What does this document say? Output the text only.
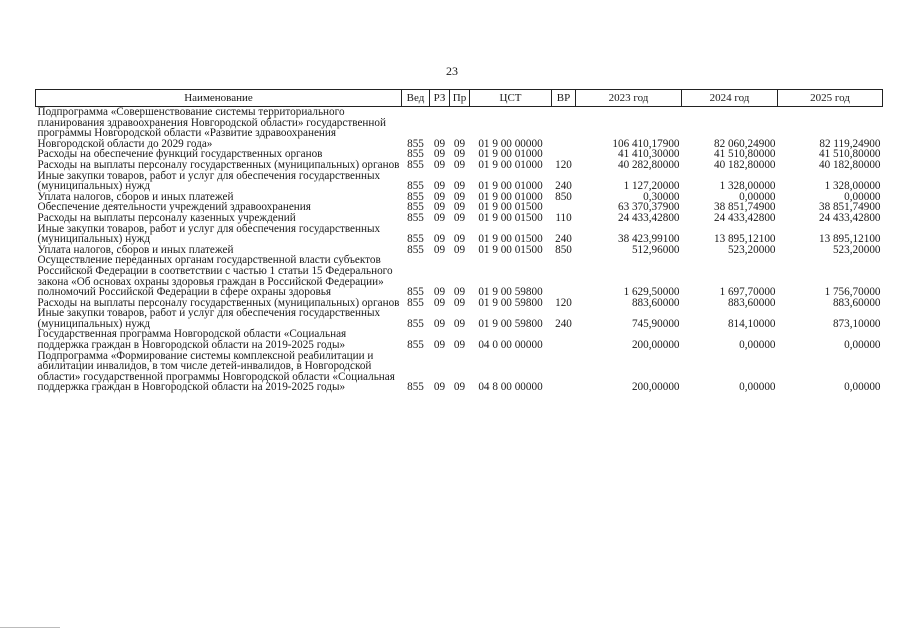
23
Наименование	Вед	РЗ	Пр	ЦСТ	ВР	2023 год	2024 год	2025 год
Подпрограмма «Совершенствование системы территориального планирования здравоохранения Новгородской области» государственной программы Новгородской области «Развитие здравоохранения Новгородской области до 2029 года»	855	09	09	01 9 00 00000		106 410,17900	82 060,24900	82 119,24900
Расходы на обеспечение функций государственных органов	855	09	09	01 9 00 01000		41 410,30000	41 510,80000	41 510,80000
Расходы на выплаты персоналу государственных (муниципальных) органов	855	09	09	01 9 00 01000	120	40 282,80000	40 182,80000	40 182,80000
Иные закупки товаров, работ и услуг для обеспечения государственных (муниципальных) нужд	855	09	09	01 9 00 01000	240	1 127,20000	1 328,00000	1 328,00000
Уплата налогов, сборов и иных платежей	855	09	09	01 9 00 01000	850	0,30000	0,00000	0,00000
Обеспечение деятельности учреждений здравоохранения	855	09	09	01 9 00 01500		63 370,37900	38 851,74900	38 851,74900
Расходы на выплаты персоналу казенных учреждений	855	09	09	01 9 00 01500	110	24 433,42800	24 433,42800	24 433,42800
Иные закупки товаров, работ и услуг для обеспечения государственных (муниципальных) нужд	855	09	09	01 9 00 01500	240	38 423,99100	13 895,12100	13 895,12100
Уплата налогов, сборов и иных платежей	855	09	09	01 9 00 01500	850	512,96000	523,20000	523,20000
Осуществление переданных органам государственной власти субъектов Российской Федерации в соответствии с частью 1 статьи 15 Федерального закона «Об основах охраны здоровья граждан в Российской Федерации» полномочий Российской Федерации в сфере охраны здоровья	855	09	09	01 9 00 59800		1 629,50000	1 697,70000	1 756,70000
Расходы на выплаты персоналу государственных (муниципальных) органов	855	09	09	01 9 00 59800	120	883,60000	883,60000	883,60000
Иные закупки товаров, работ и услуг для обеспечения государственных (муниципальных) нужд	855	09	09	01 9 00 59800	240	745,90000	814,10000	873,10000
Государственная программа Новгородской области «Социальная поддержка граждан в Новгородской области на 2019-2025 годы»	855	09	09	04 0 00 00000		200,00000	0,00000	0,00000
Подпрограмма «Формирование системы комплексной реабилитации и абилитации инвалидов, в том числе детей-инвалидов, в Новгородской области» государственной программы Новгородской области «Социальная поддержка граждан в Новгородской области на 2019-2025 годы»	855	09	09	04 8 00 00000		200,00000	0,00000	0,00000
